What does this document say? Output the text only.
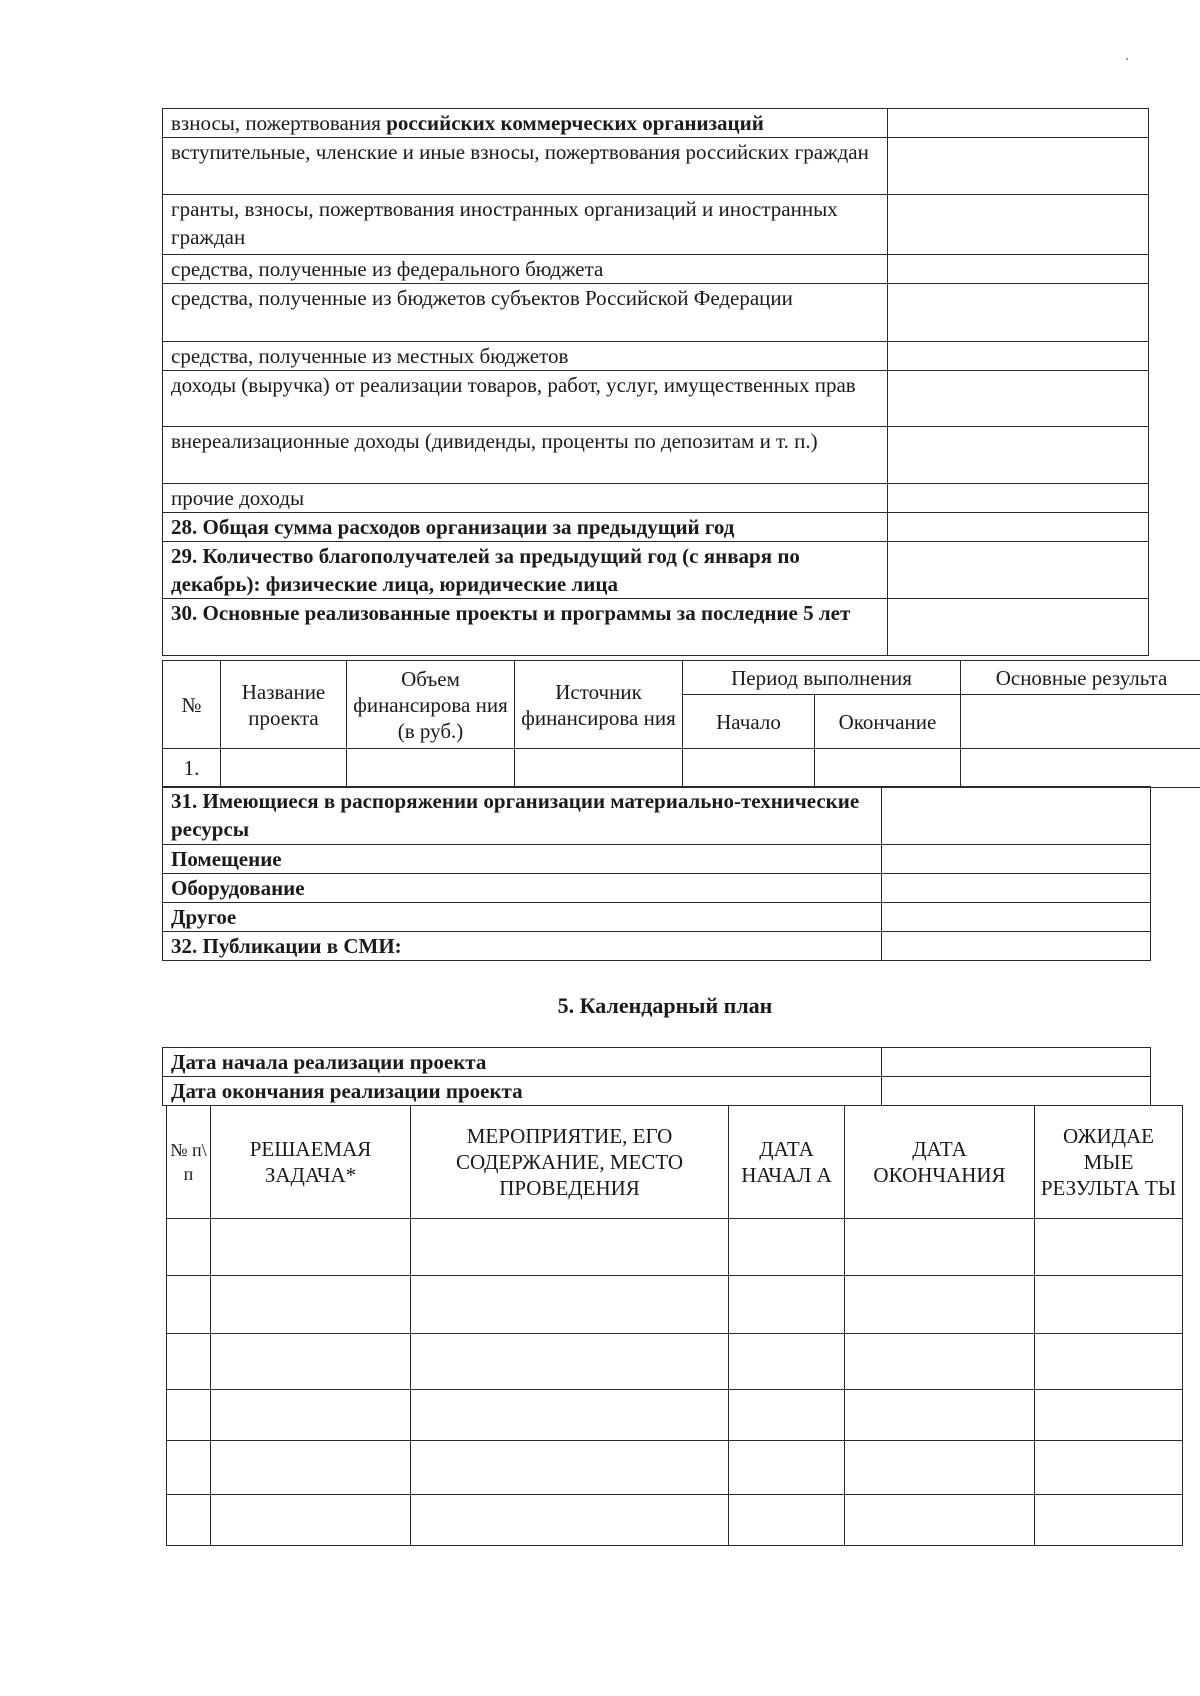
взносы, пожертвования российских коммерческих организаций	
вступительные, членские и иные взносы, пожертвования российских граждан	
гранты, взносы, пожертвования иностранных организаций и иностранных граждан	
средства, полученные из федерального бюджета	
средства, полученные из бюджетов субъектов Российской Федерации	
средства, полученные из местных бюджетов	
доходы (выручка) от реализации товаров, работ, услуг, имущественных прав	
внереализационные доходы (дивиденды, проценты по депозитам и т. п.)	
прочие доходы	
28. Общая сумма расходов организации за предыдущий год	
29. Количество благополучателей за предыдущий год (с января по декабрь): физические лица, юридические лица	
30. Основные реализованные проекты и программы за последние 5 лет	
№	Название проекта	Объем финансирова ния (в руб.)	Источник финансирова ния	Период выполнения		Основные результа
				Начало	Окончание	
1.						
31. Имеющиеся в распоряжении организации материально-технические ресурсы	
Помещение	
Оборудование	
Другое	
32. Публикации в СМИ:	
5. Календарный план
Дата начала реализации проекта	
Дата окончания реализации проекта	
№ п\ п	РЕШАЕМАЯ ЗАДАЧА*	МЕРОПРИЯТИЕ, ЕГО СОДЕРЖАНИЕ, МЕСТО ПРОВЕДЕНИЯ	ДАТА НАЧАЛ А	ДАТА ОКОНЧАНИЯ	ОЖИДАЕ МЫЕ РЕЗУЛЬТА ТЫ
